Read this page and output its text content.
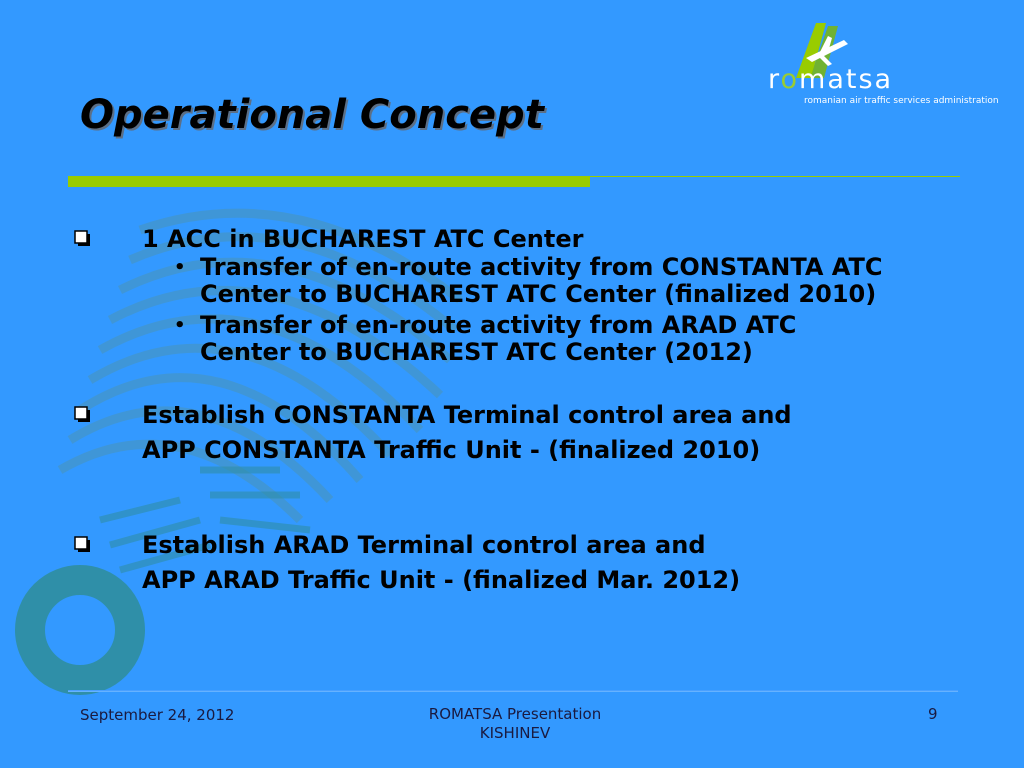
romatsa
romanian air traffic services administration
Operational Concept
1 ACC in BUCHAREST ATC Center
• Transfer of en-route activity from CONSTANTA ATC
Center to BUCHAREST ATC Center (finalized 2010)
• Transfer of en-route activity from ARAD ATC
Center to BUCHAREST ATC Center (2012)
Establish CONSTANTA Terminal control area and
APP CONSTANTA Traffic Unit - (finalized 2010)
Establish ARAD Terminal control area and
APP ARAD Traffic Unit - (finalized Mar. 2012)
September 24, 2012	ROMATSA Presentation
KISHINEV
9
